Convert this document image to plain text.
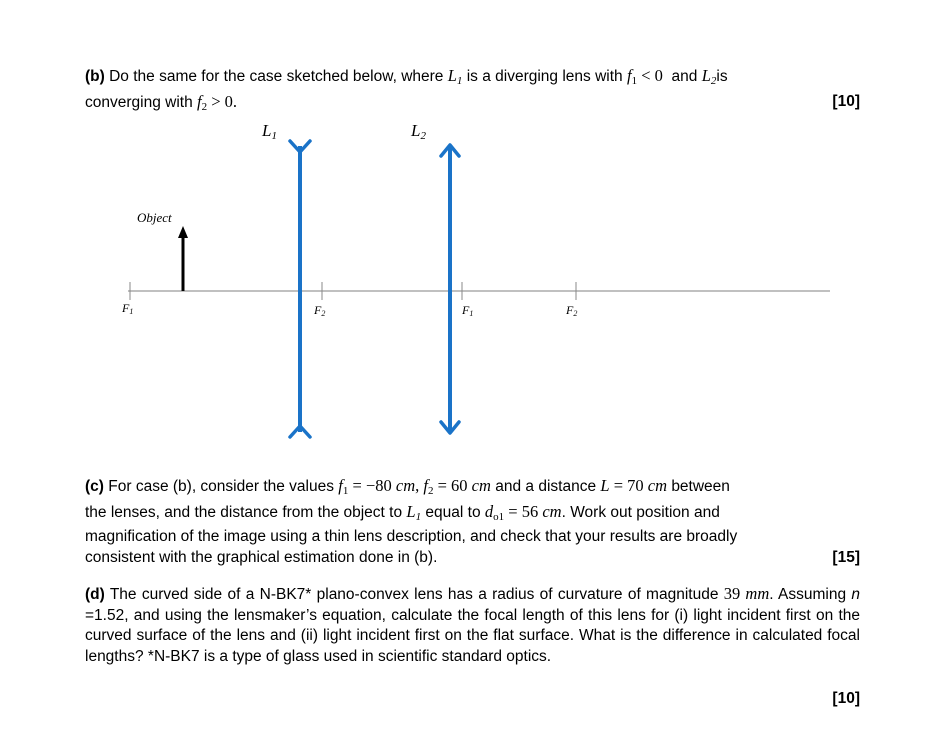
(b) Do the same for the case sketched below, where $L_1$ is a diverging lens with $f_1 < 0$ and $L_2is$
converging with $f_2 > 0$.	[10]
F1	F2	F1	F2
Object
L1	L2
(c) For case (b), consider the values $f_1 = -80$ cm, $f_2 = 60$ cm and a distance L = 70 cm between
the lenses, and the distance from the object to $L_1$ equal to $d_{o1} = 56$ cm. Work out position and
magnification of the image using a thin lens description, and check that your results are broadly
consistent with the graphical estimation done in (b).	[15]
(d) The curved side of a N-BK7* plano-convex lens has a radius of curvature of magnitude 39 mm. Assuming n =1.52, and using the lensmaker’s equation, calculate the focal length of this lens for (i) light incident first on the curved surface of the lens and (ii) light incident first on the flat surface. What is the difference in calculated focal lengths? *N-BK7 is a type of glass used in scientific standard optics.
[10]
